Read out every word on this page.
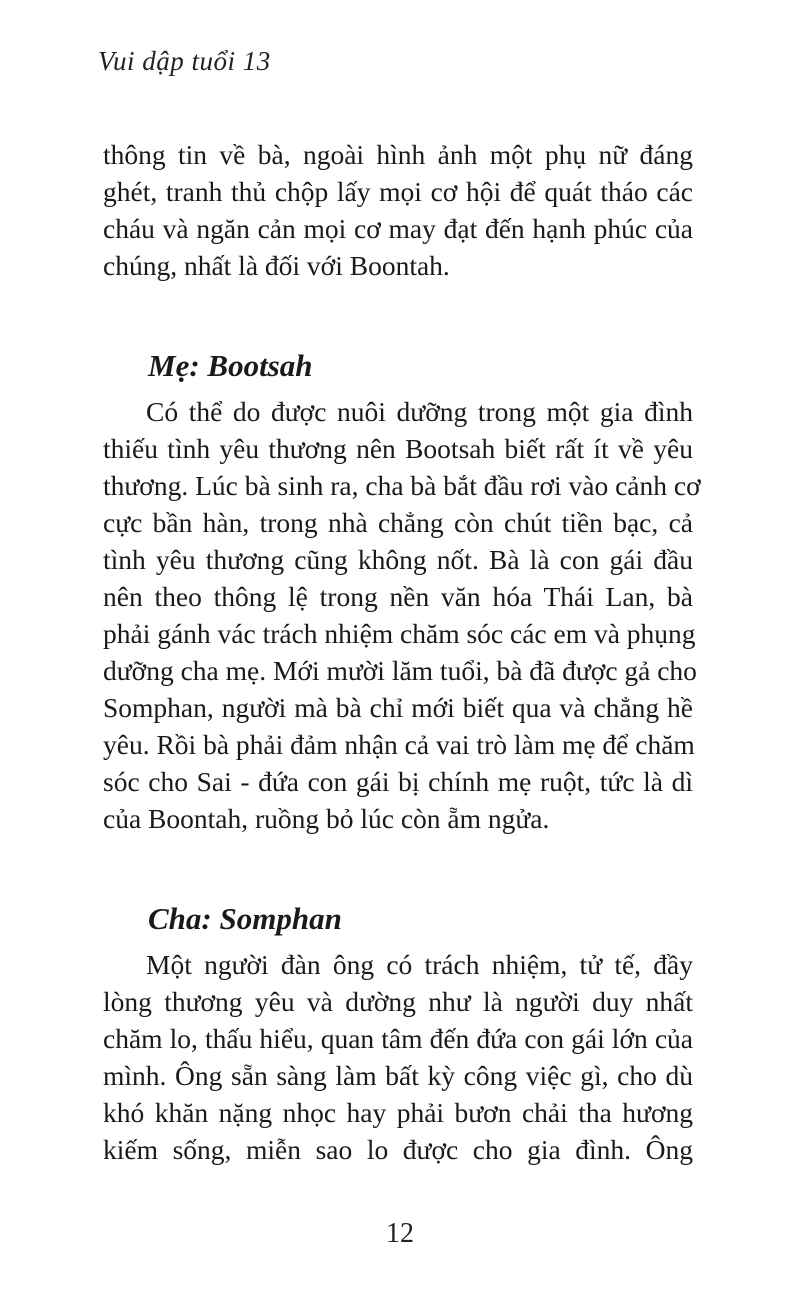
Vui dập tuổi 13
thông tin về bà, ngoài hình ảnh một phụ nữ đáng
ghét, tranh thủ chộp lấy mọi cơ hội để quát tháo các
cháu và ngăn cản mọi cơ may đạt đến hạnh phúc của
chúng, nhất là đối với Boontah.
Mẹ: Bootsah
Có thể do được nuôi dưỡng trong một gia đình
thiếu tình yêu thương nên Bootsah biết rất ít về yêu
thương. Lúc bà sinh ra, cha bà bắt đầu rơi vào cảnh cơ
cực bần hàn, trong nhà chẳng còn chút tiền bạc, cả
tình yêu thương cũng không nốt. Bà là con gái đầu
nên theo thông lệ trong nền văn hóa Thái Lan, bà
phải gánh vác trách nhiệm chăm sóc các em và phụng
dưỡng cha mẹ. Mới mười lăm tuổi, bà đã được gả cho
Somphan, người mà bà chỉ mới biết qua và chẳng hề
yêu. Rồi bà phải đảm nhận cả vai trò làm mẹ để chăm
sóc cho Sai - đứa con gái bị chính mẹ ruột, tức là dì
của Boontah, ruồng bỏ lúc còn ẵm ngửa.
Cha: Somphan
Một người đàn ông có trách nhiệm, tử tế, đầy
lòng thương yêu và dường như là người duy nhất
chăm lo, thấu hiểu, quan tâm đến đứa con gái lớn của
mình. Ông sẵn sàng làm bất kỳ công việc gì, cho dù
khó khăn nặng nhọc hay phải bươn chải tha hương
kiếm sống, miễn sao lo được cho gia đình. Ông
12
